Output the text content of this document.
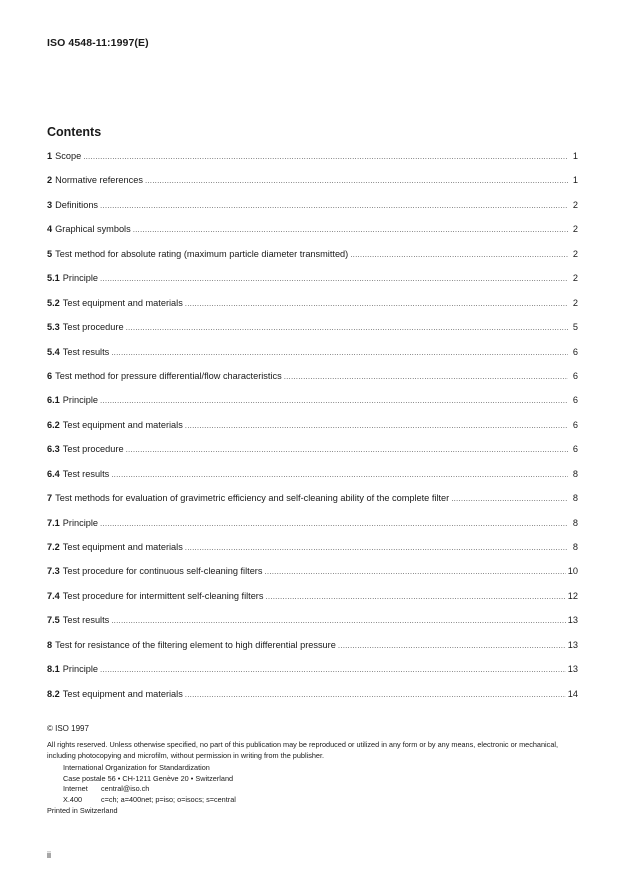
ISO 4548-11:1997(E)
Contents
1 Scope .....	1
2 Normative references .....	1
3 Definitions .....	2
4 Graphical symbols .....	2
5 Test method for absolute rating (maximum particle diameter transmitted) .....	2
5.1 Principle .....	2
5.2 Test equipment and materials .....	2
5.3 Test procedure .....	5
5.4 Test results .....	6
6 Test method for pressure differential/flow characteristics .....	6
6.1 Principle .....	6
6.2 Test equipment and materials .....	6
6.3 Test procedure .....	6
6.4 Test results .....	8
7 Test methods for evaluation of gravimetric efficiency and self-cleaning ability of the complete filter .....	8
7.1 Principle .....	8
7.2 Test equipment and materials .....	8
7.3 Test procedure for continuous self-cleaning filters .....	10
7.4 Test procedure for intermittent self-cleaning filters .....	12
7.5 Test results .....	13
8 Test for resistance of the filtering element to high differential pressure .....	13
8.1 Principle .....	13
8.2 Test equipment and materials .....	14
© ISO 1997
All rights reserved. Unless otherwise specified, no part of this publication may be reproduced or utilized in any form or by any means, electronic or mechanical, including photocopying and microfilm, without permission in writing from the publisher.
International Organization for Standardization
Case postale 56 • CH-1211 Genève 20 • Switzerland
Internet	central@iso.ch
X.400	c=ch; a=400net; p=iso; o=isocs; s=central
Printed in Switzerland
ii
